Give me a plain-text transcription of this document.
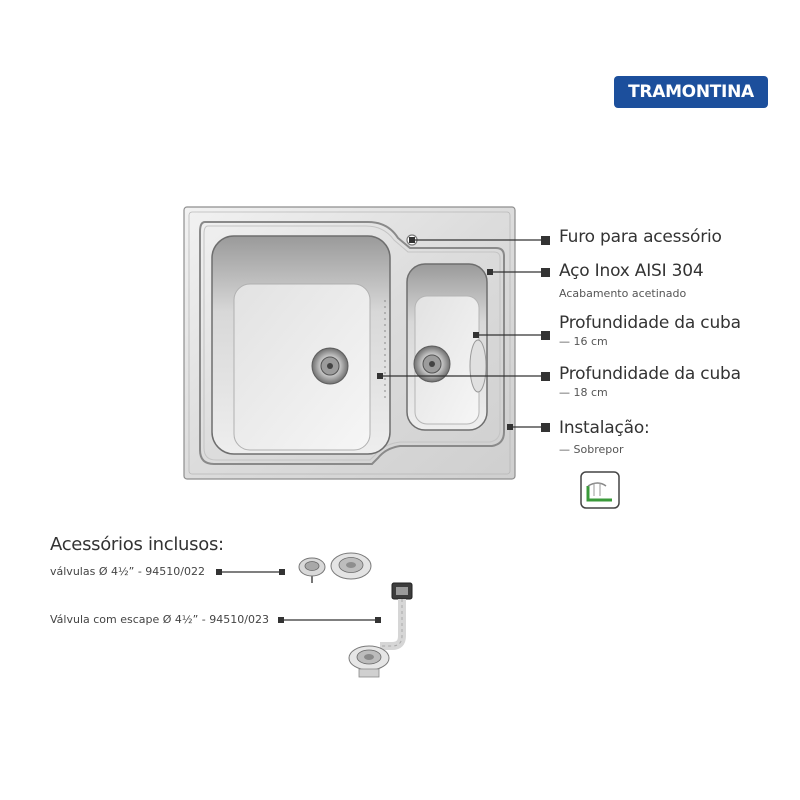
TRAMONTINA
Furo para acessório
Aço Inox AISI 304
Acabamento acetinado
Profundidade da cuba
— 16 cm
Profundidade da cuba
— 18 cm
Instalação:
— Sobrepor
Acessórios inclusos:
válvulas Ø 4½” - 94510/022
Válvula com escape Ø 4½” - 94510/023
